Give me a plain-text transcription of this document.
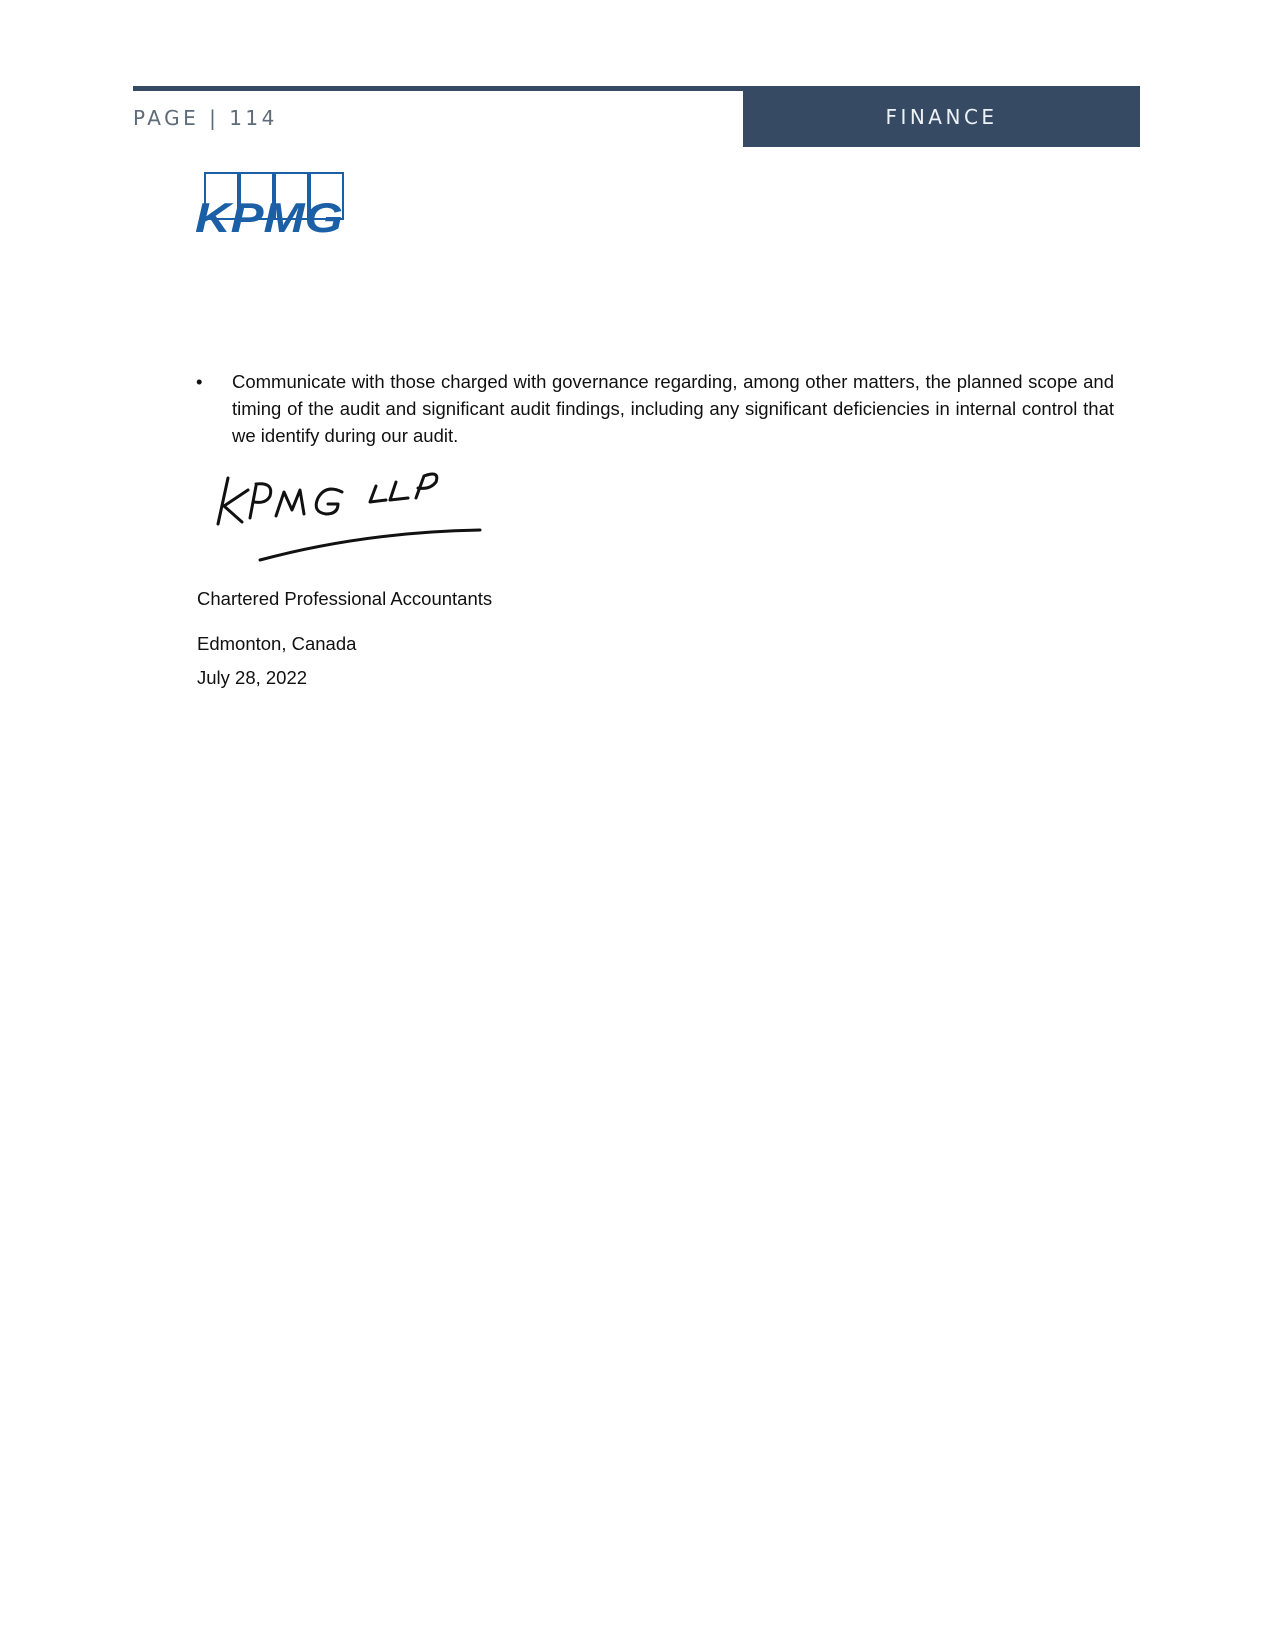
PAGE | 114	FINANCE
KPMG
•	Communicate with those charged with governance regarding, among other matters, the planned scope and timing of the audit and significant audit findings, including any significant deficiencies in internal control that we identify during our audit.
Chartered Professional Accountants
Edmonton, Canada
July 28, 2022
